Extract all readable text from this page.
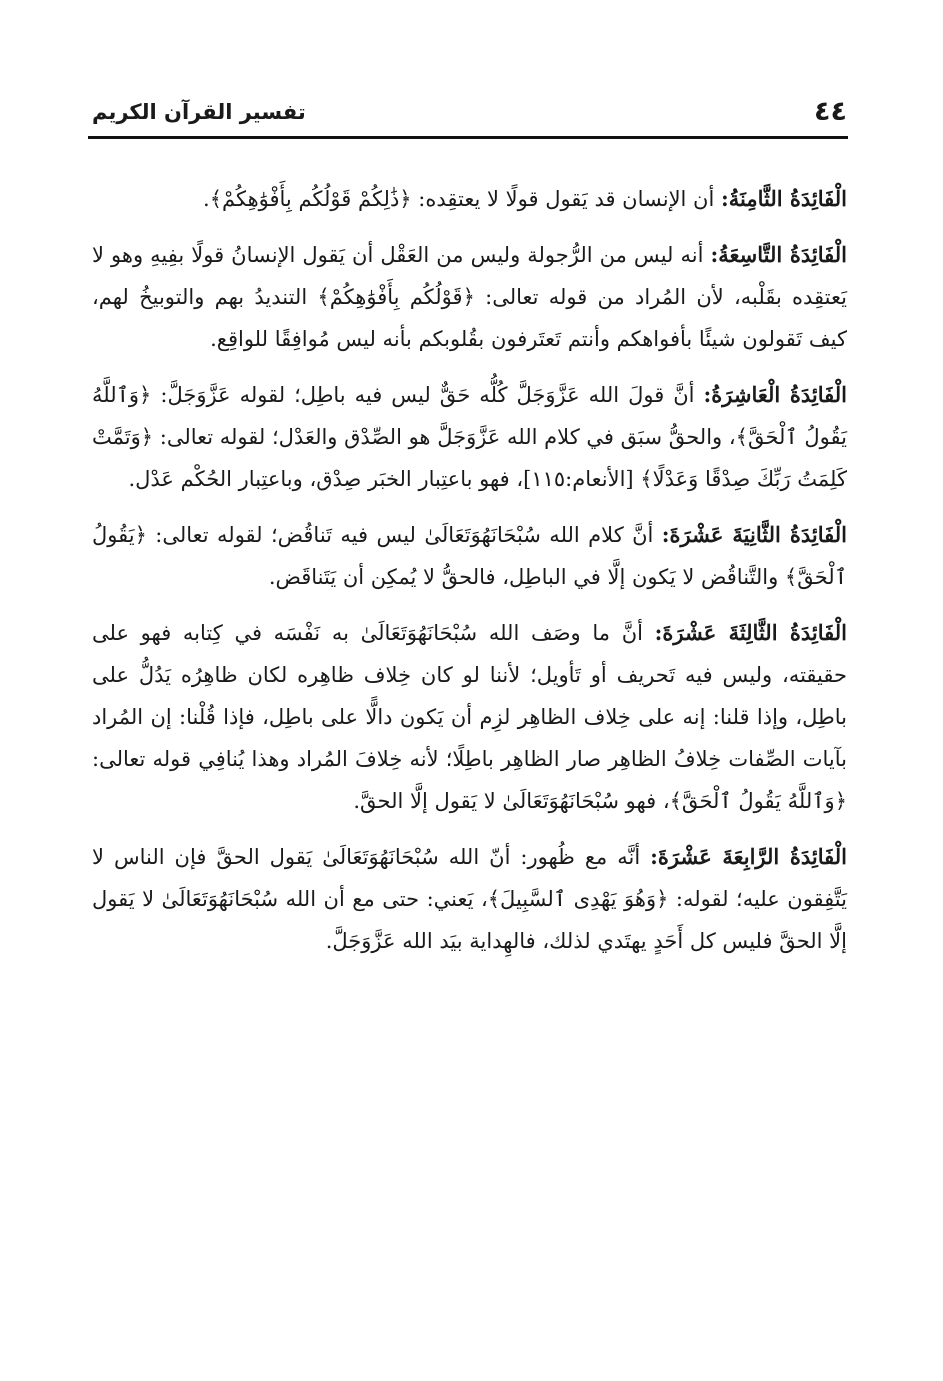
٤٤
تفسير القرآن الكريم

الْفَائِدَةُ الثَّامِنَةُ: أن الإنسان قد يَقول قولًا لا يعتقِده: ﴿ذَٰلِكُمْ قَوْلُكُم بِأَفْوَٰهِكُمْ﴾.

الْفَائِدَةُ التَّاسِعَةُ: أنه ليس من الرُّجولة وليس من العَقْل أن يَقول الإنسانُ قولًا بفِيهِ وهو لا يَعتقِده بقَلْبه، لأن المُراد من قوله تعالى: ﴿قَوْلُكُم بِأَفْوَٰهِكُمْ﴾ التنديدُ بهم والتوبيخُ لهم، كيف تَقولون شيئًا بأفواهكم وأنتم تَعتَرفون بقُلوبكم بأنه ليس مُوافِقًا للواقِع.

الْفَائِدَةُ الْعَاشِرَةُ: أنَّ قولَ الله عَزَّوَجَلَّ كُلُّه حَقٌّ ليس فيه باطِل؛ لقوله عَزَّوَجَلَّ: ﴿وَٱللَّهُ يَقُولُ ٱلْحَقَّ﴾، والحقُّ سبَق في كلام الله عَزَّوَجَلَّ هو الصِّدْق والعَدْل؛ لقوله تعالى: ﴿وَتَمَّتْ كَلِمَتُ رَبِّكَ صِدْقًا وَعَدْلًا﴾ [الأنعام:١١٥]، فهو باعتِبار الخبَر صِدْق، وباعتِبار الحُكْم عَدْل.

الْفَائِدَةُ الثَّانِيَةَ عَشْرَةَ: أنَّ كلام الله سُبْحَانَهُوَتَعَالَىٰ ليس فيه تَناقُض؛ لقوله تعالى: ﴿يَقُولُ ٱلْحَقَّ﴾ والتَّناقُض لا يَكون إلَّا في الباطِل، فالحقُّ لا يُمكِن أن يَتَناقَض.

الْفَائِدَةُ الثَّالِثَةَ عَشْرَةَ: أنَّ ما وصَف الله سُبْحَانَهُوَتَعَالَىٰ به نَفْسَه في كِتابه فهو على حقيقته، وليس فيه تَحريف أو تَأويل؛ لأننا لو كان خِلاف ظاهِره لكان ظاهِرُه يَدُلُّ على باطِل، وإذا قلنا: إنه على خِلاف الظاهِر لزِم أن يَكون دالًّا على باطِل، فإذا قُلْنا: إن المُراد بآيات الصِّفات خِلافُ الظاهِر صار الظاهِر باطِلًا؛ لأنه خِلافَ المُراد وهذا يُنافِي قوله تعالى: ﴿وَٱللَّهُ يَقُولُ ٱلْحَقَّ﴾، فهو سُبْحَانَهُوَتَعَالَىٰ لا يَقول إلَّا الحقَّ.

الْفَائِدَةُ الرَّابِعَةَ عَشْرَةَ: أنَّه مع ظُهور: أنّ الله سُبْحَانَهُوَتَعَالَىٰ يَقول الحقَّ فإن الناس لا يَتَّفِقون عليه؛ لقوله: ﴿وَهُوَ يَهْدِى ٱلسَّبِيلَ﴾، يَعني: حتى مع أن الله سُبْحَانَهُوَتَعَالَىٰ لا يَقول إلَّا الحقَّ فليس كل أَحَدٍ يهتَدي لذلك، فالهِداية بيَد الله عَزَّوَجَلَّ.
